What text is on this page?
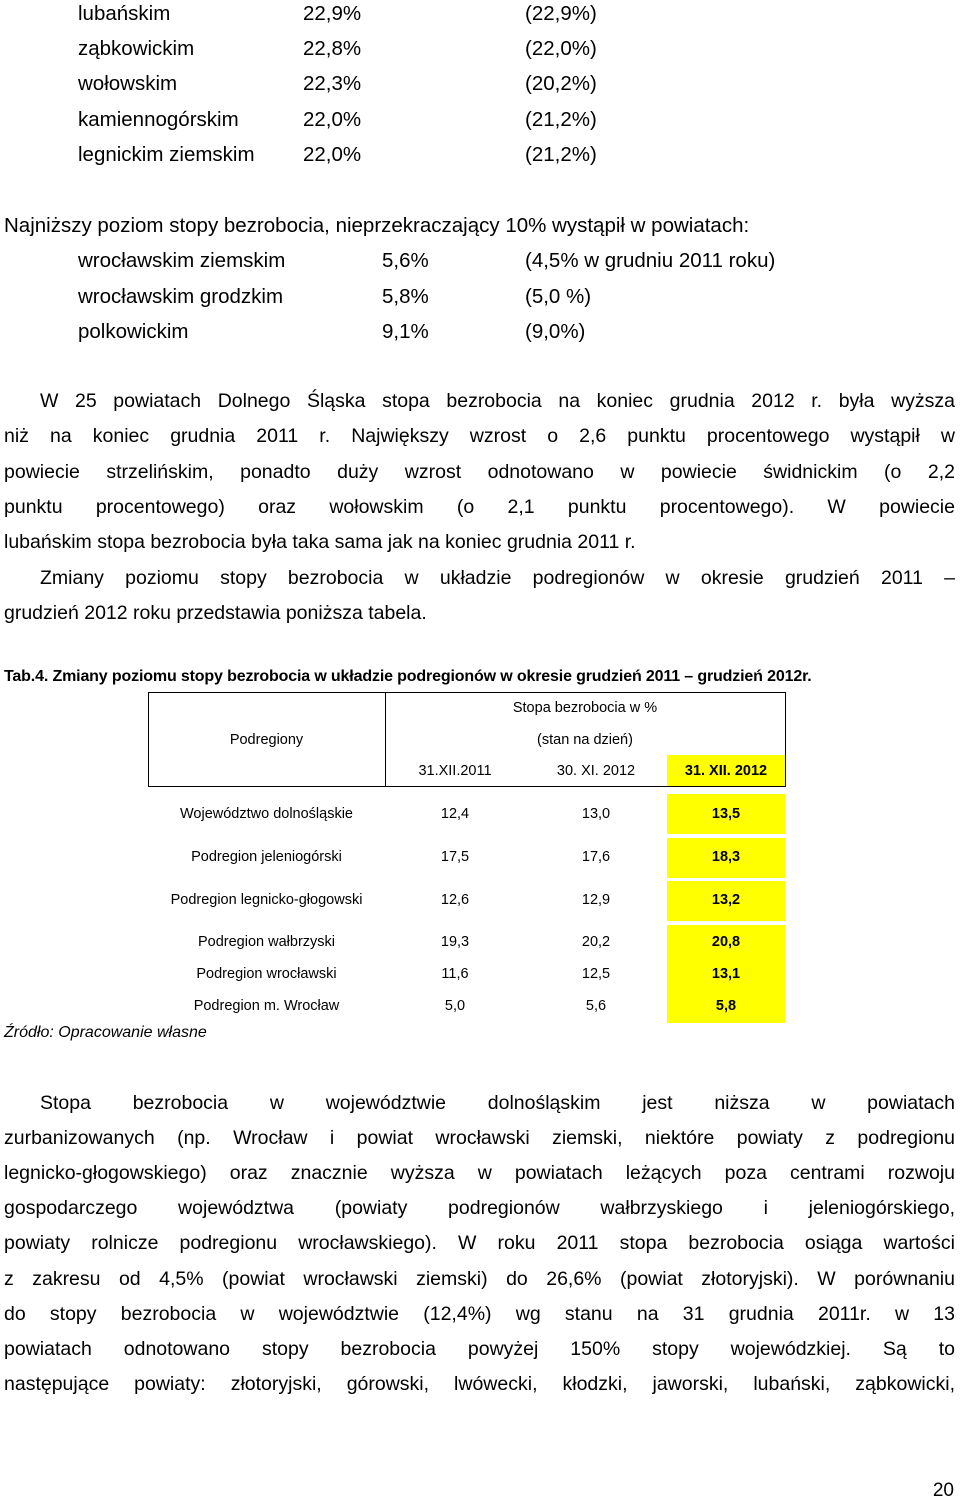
lubańskim	22,9%	(22,9%)
ząbkowickim	22,8%	(22,0%)
wołowskim	22,3%	(20,2%)
kamiennogórskim	22,0%	(21,2%)
legnickim ziemskim 22,0%	(21,2%)
Najniższy poziom stopy bezrobocia, nieprzekraczający 10% wystąpił w powiatach:
wrocławskim ziemskim	5,6%	(4,5% w grudniu 2011 roku)
wrocławskim grodzkim	5,8%	(5,0 %)
polkowickim	9,1%	(9,0%)
W 25 powiatach Dolnego Śląska stopa bezrobocia na koniec grudnia 2012 r. była wyższa
niż na koniec grudnia 2011 r. Największy wzrost o 2,6 punktu procentowego wystąpił w
powiecie strzelińskim, ponadto duży wzrost odnotowano w powiecie świdnickim (o 2,2
punktu procentowego) oraz wołowskim (o 2,1 punktu procentowego). W powiecie
lubańskim stopa bezrobocia była taka sama jak na koniec grudnia 2011 r.
Zmiany poziomu stopy bezrobocia w układzie podregionów w okresie grudzień 2011 –
grudzień 2012 roku przedstawia poniższa tabela.
Tab.4. Zmiany poziomu stopy bezrobocia w układzie podregionów w okresie grudzień 2011 – grudzień 2012r.
Podregiony
Stopa bezrobocia w %
(stan na dzień)
31.XII.2011	30. XI. 2012	31. XII. 2012
Województwo dolnośląskie	12,4	13,0	13,5
Podregion jeleniogórski	17,5	17,6	18,3
Podregion legnicko-głogowski	12,6	12,9	13,2
Podregion wałbrzyski	19,3	20,2	20,8
Podregion wrocławski	11,6	12,5	13,1
Podregion m. Wrocław	5,0	5,6	5,8
Źródło: Opracowanie własne
Stopa bezrobocia w województwie dolnośląskim jest niższa w powiatach
zurbanizowanych (np. Wrocław i powiat wrocławski ziemski, niektóre powiaty z podregionu
legnicko-głogowskiego) oraz znacznie wyższa w powiatach leżących poza centrami rozwoju
gospodarczego województwa (powiaty podregionów wałbrzyskiego i jeleniogórskiego,
powiaty rolnicze podregionu wrocławskiego). W roku 2011 stopa bezrobocia osiąga wartości
z zakresu od 4,5% (powiat wrocławski ziemski) do 26,6% (powiat złotoryjski). W porównaniu
do stopy bezrobocia w województwie (12,4%) wg stanu na 31 grudnia 2011r. w 13
powiatach odnotowano stopy bezrobocia powyżej 150% stopy wojewódzkiej. Są to
następujące powiaty: złotoryjski, górowski, lwówecki, kłodzki, jaworski, lubański, ząbkowicki,
20
